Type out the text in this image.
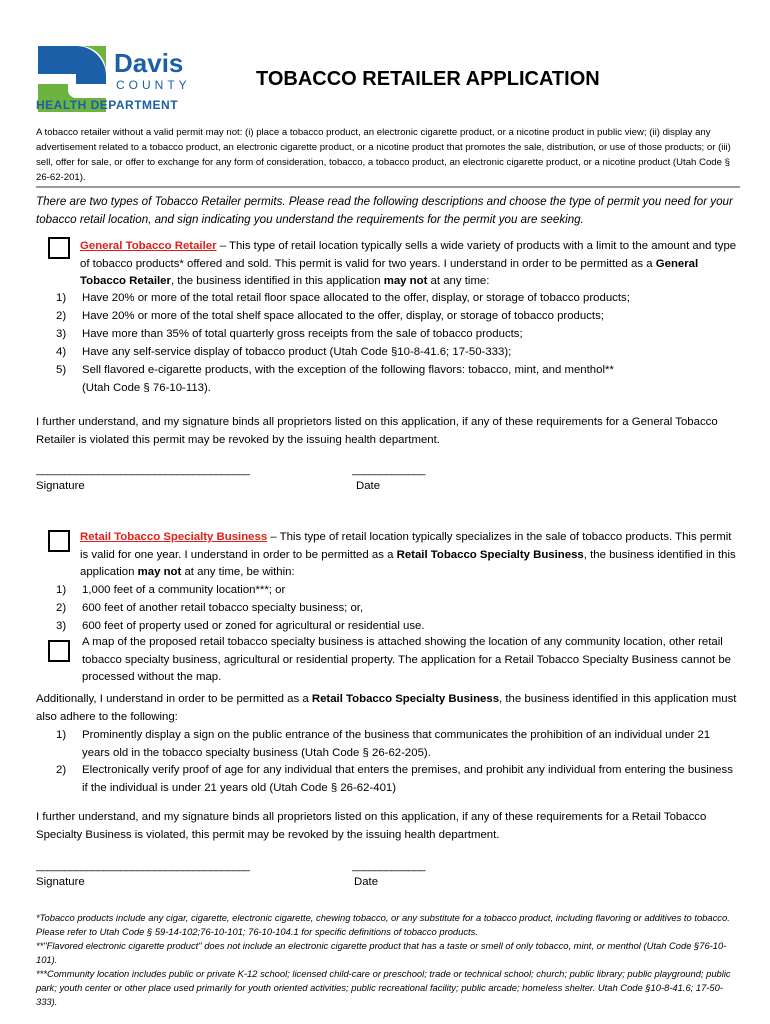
Davis
COUNTY
HEALTH DEPARTMENT
TOBACCO RETAILER APPLICATION
A tobacco retailer without a valid permit may not: (i) place a tobacco product, an electronic cigarette product, or a nicotine product in public view; (ii) display any advertisement related to a tobacco product, an electronic cigarette product, or a nicotine product that promotes the sale, distribution, or use of those products; or (iii) sell, offer for sale, or offer to exchange for any form of consideration, tobacco, a tobacco product, an electronic cigarette product, or a nicotine product (Utah Code § 26-62-201).
There are two types of Tobacco Retailer permits. Please read the following descriptions and choose the type of permit you need for your tobacco retail location, and sign indicating you understand the requirements for the permit you are seeking.
General Tobacco Retailer – This type of retail location typically sells a wide variety of products with a limit to the amount and type of tobacco products* offered and sold. This permit is valid for two years. I understand in order to be permitted as a General Tobacco Retailer, the business identified in this application may not at any time:
1) Have 20% or more of the total retail floor space allocated to the offer, display, or storage of tobacco products;
2) Have 20% or more of the total shelf space allocated to the offer, display, or storage of tobacco products;
3) Have more than 35% of total quarterly gross receipts from the sale of tobacco products;
4) Have any self-service display of tobacco product (Utah Code §10-8-41.6; 17-50-333);
5) Sell flavored e-cigarette products, with the exception of the following flavors: tobacco, mint, and menthol**
(Utah Code § 76-10-113).
I further understand, and my signature binds all proprietors listed on this application, if any of these requirements for a General Tobacco Retailer is violated this permit may be revoked by the issuing health department.
______________________________________	_____________
Signature	Date
Retail Tobacco Specialty Business – This type of retail location typically specializes in the sale of tobacco products. This permit is valid for one year. I understand in order to be permitted as a Retail Tobacco Specialty Business, the business identified in this application may not at any time, be within:
1) 1,000 feet of a community location***; or
2) 600 feet of another retail tobacco specialty business; or,
3) 600 feet of property used or zoned for agricultural or residential use.
A map of the proposed retail tobacco specialty business is attached showing the location of any community location, other retail tobacco specialty business, agricultural or residential property. The application for a Retail Tobacco Specialty Business cannot be processed without the map.
Additionally, I understand in order to be permitted as a Retail Tobacco Specialty Business, the business identified in this application must also adhere to the following:
1)	Prominently display a sign on the public entrance of the business that communicates the prohibition of an individual under 21 years old in the tobacco specialty business (Utah Code § 26-62-205).
2)	Electronically verify proof of age for any individual that enters the premises, and prohibit any individual from entering the business if the individual is under 21 years old (Utah Code § 26-62-401)
I further understand, and my signature binds all proprietors listed on this application, if any of these requirements for a Retail Tobacco Specialty Business is violated, this permit may be revoked by the issuing health department.
______________________________________	_____________
Signature	Date

*Tobacco products include any cigar, cigarette, electronic cigarette, chewing tobacco, or any substitute for a tobacco product, including flavoring or additives to tobacco. Please refer to Utah Code § 59-14-102;76-10-101; 76-10-104.1 for specific definitions of tobacco products.

**"Flavored electronic cigarette product" does not include an electronic cigarette product that has a taste or smell of only tobacco, mint, or menthol (Utah Code §76-10-101).

***Community location includes public or private K-12 school; licensed child-care or preschool; trade or technical school; church; public library; public playground; public park; youth center or other place used primarily for youth oriented activities; public recreational facility; public arcade; homeless shelter. Utah Code §10-8-41.6; 17-50-333).
